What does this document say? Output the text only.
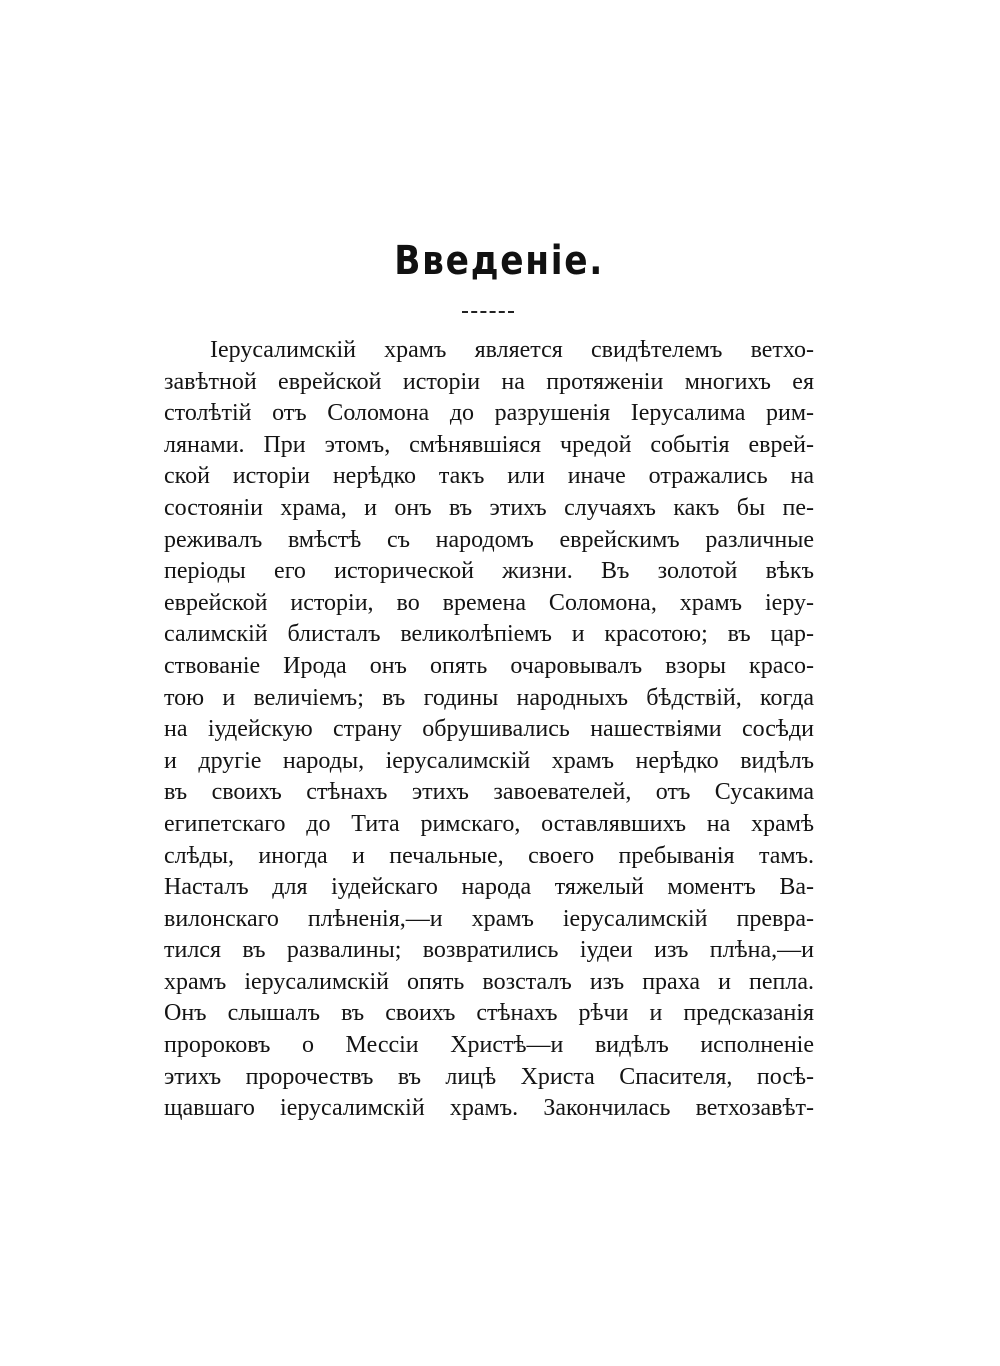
Введеніе.
Іерусалимскій храмъ является свидѣтелемъ ветхо-
завѣтной еврейской исторіи на протяженіи многихъ ея
столѣтій отъ Соломона до разрушенія Іерусалима рим-
лянами. При этомъ, смѣнявшіяся чредой событія еврей-
ской исторіи нерѣдко такъ или иначе отражались на
состояніи храма, и онъ въ этихъ случаяхъ какъ бы пе-
реживалъ вмѣстѣ съ народомъ еврейскимъ различные
періоды его исторической жизни. Въ золотой вѣкъ
еврейской исторіи, во времена Соломона, храмъ іеру-
салимскій блисталъ великолѣпіемъ и красотою; въ цар-
ствованіе Ирода онъ опять очаровывалъ взоры красо-
тою и величіемъ; въ годины народныхъ бѣдствій, когда
на іудейскую страну обрушивались нашествіями сосѣди
и другіе народы, іерусалимскій храмъ нерѣдко видѣлъ
въ своихъ стѣнахъ этихъ завоевателей, отъ Сусакима
египетскаго до Тита римскаго, оставлявшихъ на храмѣ
слѣды, иногда и печальные, своего пребыванія тамъ.
Насталъ для іудейскаго народа тяжелый моментъ Ва-
вилонскаго плѣненія,—и храмъ іерусалимскій превра-
тился въ развалины; возвратились іудеи изъ плѣна,—и
храмъ іерусалимскій опять возсталъ изъ праха и пепла.
Онъ слышалъ въ своихъ стѣнахъ рѣчи и предсказанія
пророковъ о Мессіи Христѣ—и видѣлъ исполненіе
этихъ пророчествъ въ лицѣ Христа Спасителя, посѣ-
щавшаго іерусалимскій храмъ. Закончилась ветхозавѣт-
